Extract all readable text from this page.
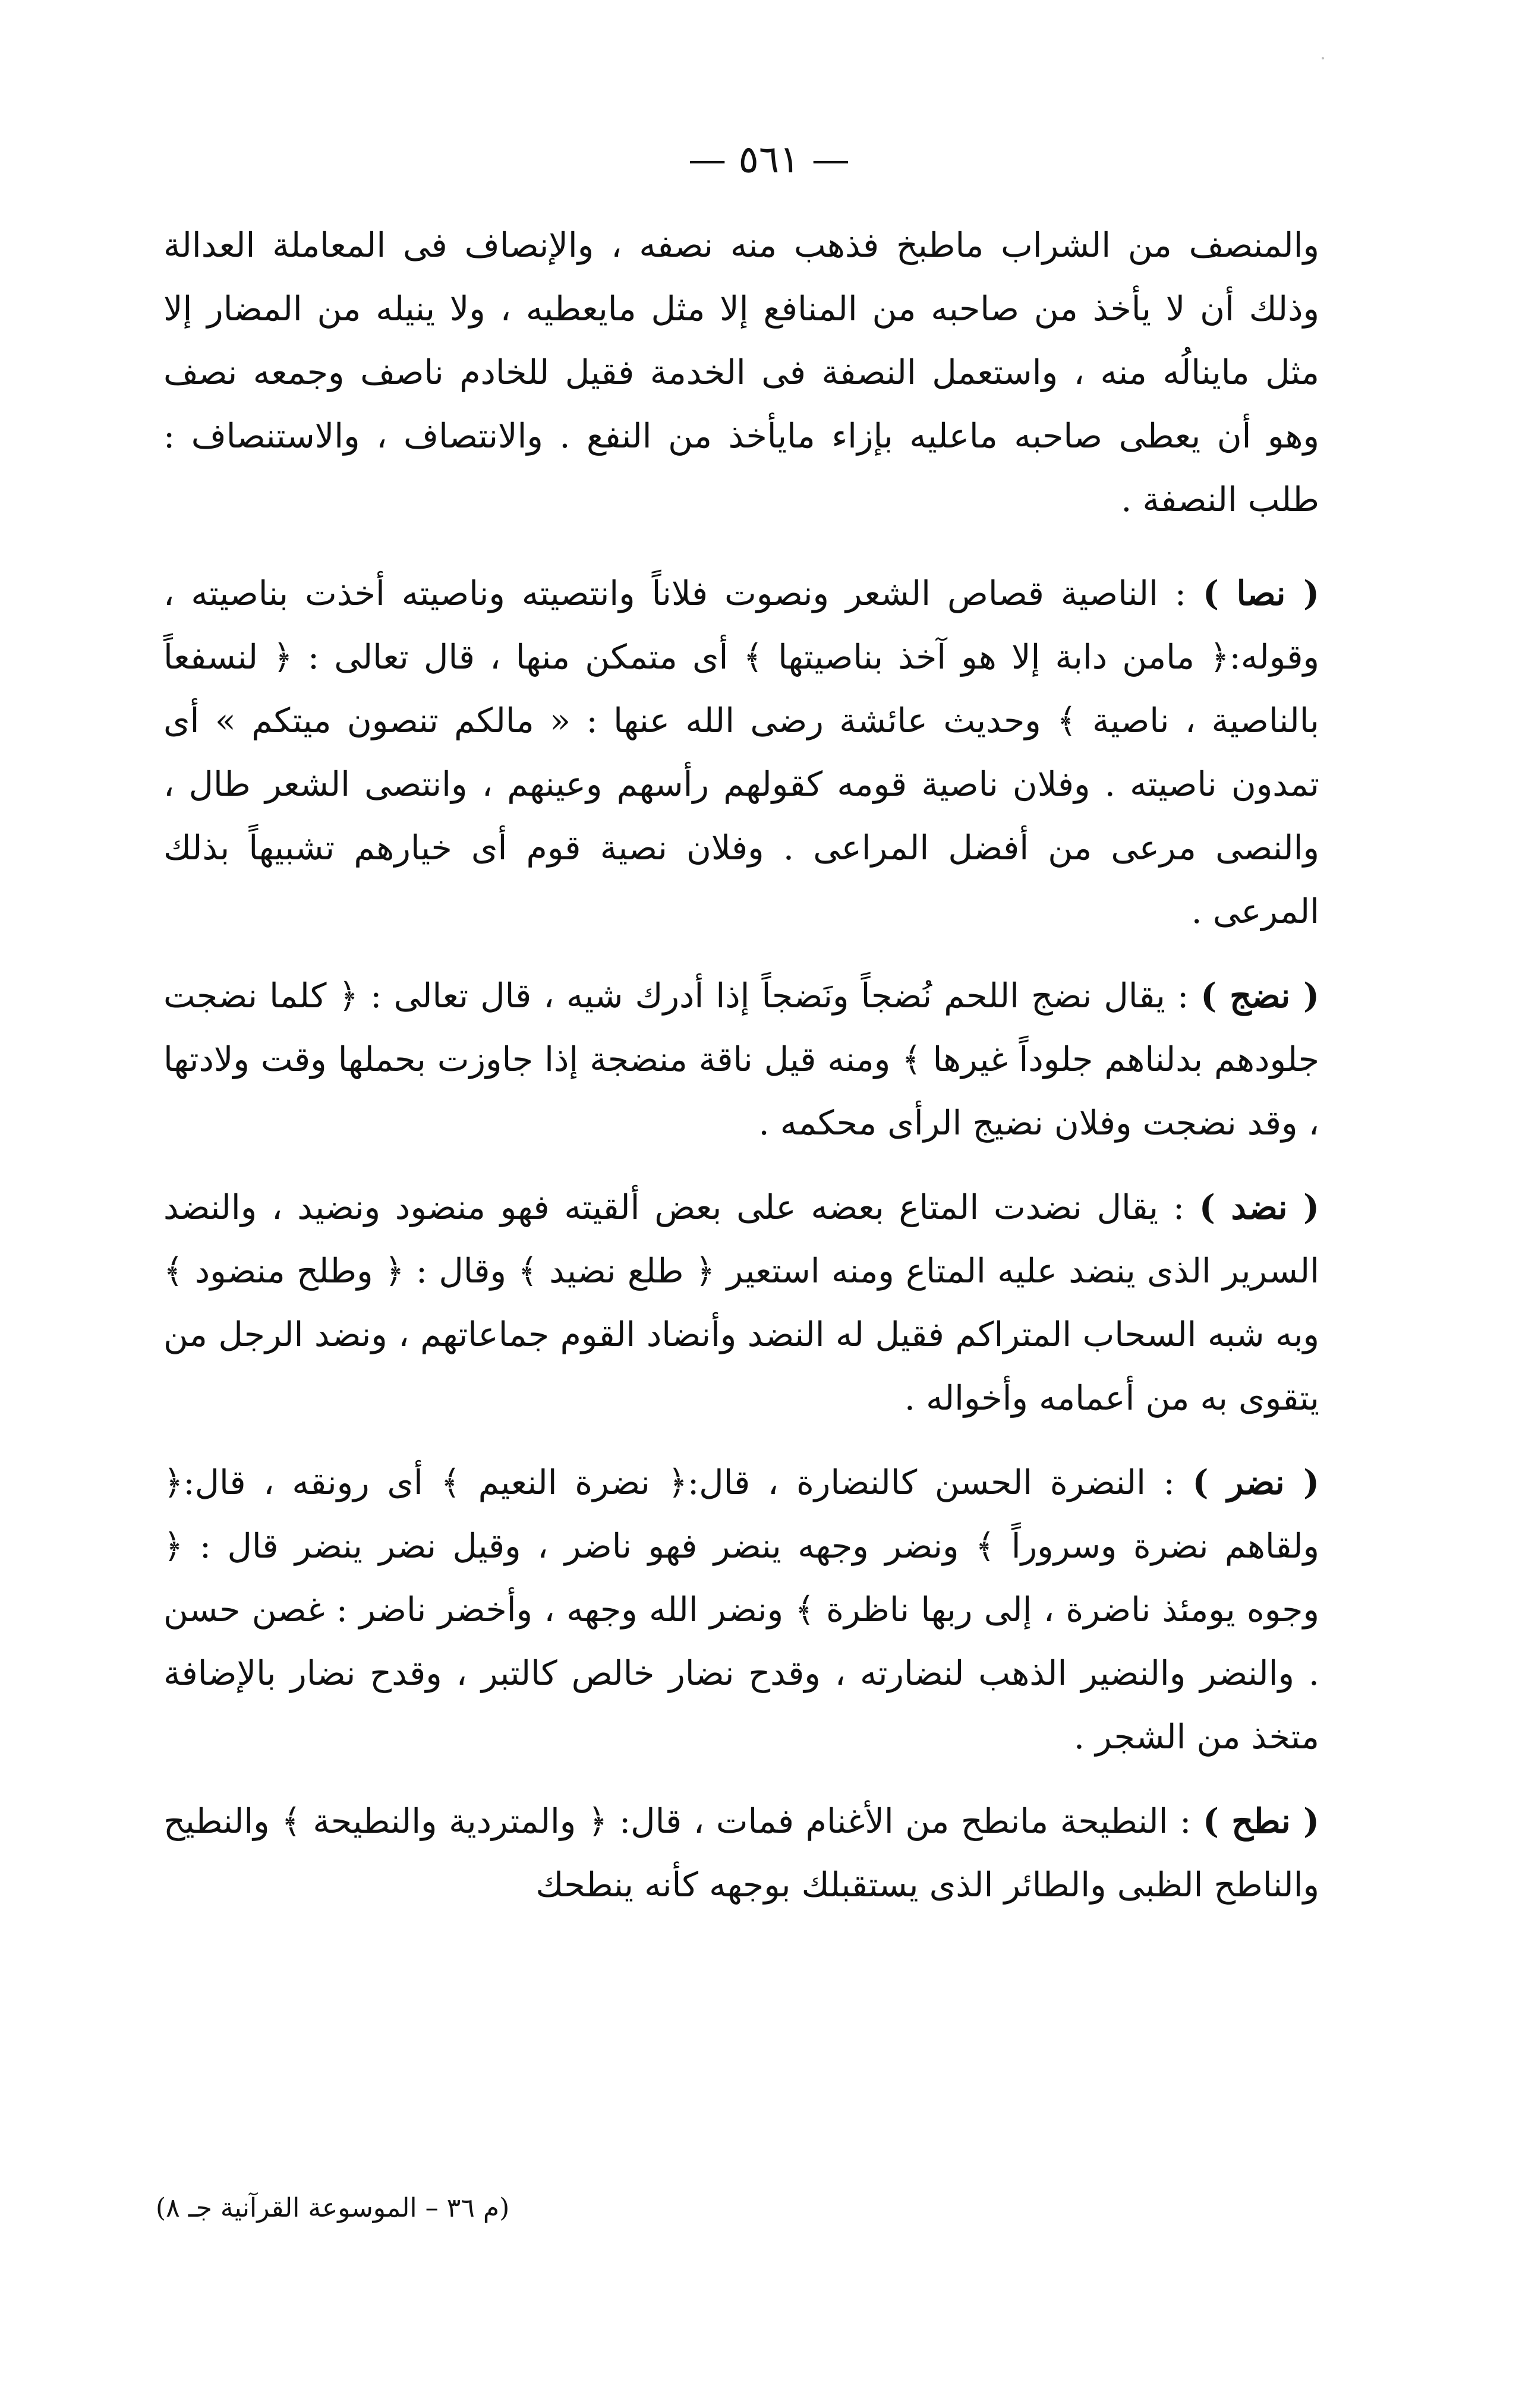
— ٥٦١ —

والمنصف من الشراب ماطبخ فذهب منه نصفه ، والإنصاف فى المعاملة العدالة وذلك أن لا يأخذ من صاحبه من المنافع إلا مثل مايعطيه ، ولا ينيله من المضار إلا مثل ماينالُه منه ، واستعمل النصفة فى الخدمة فقيل للخادم ناصف وجمعه نصف وهو أن يعطى صاحبه ماعليه بإزاء مايأخذ من النفع . والانتصاف ، والاستنصاف : طلب النصفة .

( نصا ) : الناصية قصاص الشعر ونصوت فلاناً وانتصيته وناصيته أخذت بناصيته ، وقوله:﴿ مامن دابة إلا هو آخذ بناصيتها ﴾ أى متمكن منها ، قال تعالى : ﴿ لنسفعاً بالناصية ، ناصية ﴾ وحديث عائشة رضى الله عنها : « مالكم تنصون ميتكم » أى تمدون ناصيته . وفلان ناصية قومه كقولهم رأسهم وعينهم ، وانتصى الشعر طال ، والنصى مرعى من أفضل المراعى . وفلان نصية قوم أى خيارهم تشبيهاً بذلك المرعى .

( نضج ) : يقال نضج اللحم نُضجاً ونَضجاً إذا أدرك شيه ، قال تعالى : ﴿ كلما نضجت جلودهم بدلناهم جلوداً غيرها ﴾ ومنه قيل ناقة منضجة إذا جاوزت بحملها وقت ولادتها ، وقد نضجت وفلان نضيج الرأى محكمه .

( نضد ) : يقال نضدت المتاع بعضه على بعض ألقيته فهو منضود ونضيد ، والنضد السرير الذى ينضد عليه المتاع ومنه استعير ﴿ طلع نضيد ﴾ وقال : ﴿ وطلح منضود ﴾ وبه شبه السحاب المتراكم فقيل له النضد وأنضاد القوم جماعاتهم ، ونضد الرجل من يتقوى به من أعمامه وأخواله .

( نضر ) : النضرة الحسن كالنضارة ، قال:﴿ نضرة النعيم ﴾ أى رونقه ، قال:﴿ ولقاهم نضرة وسروراً ﴾ ونضر وجهه ينضر فهو ناضر ، وقيل نضر ينضر قال : ﴿ وجوه يومئذ ناضرة ، إلى ربها ناظرة ﴾ ونضر الله وجهه ، وأخضر ناضر : غصن حسن . والنضر والنضير الذهب لنضارته ، وقدح نضار خالص كالتبر ، وقدح نضار بالإضافة متخذ من الشجر .

( نطح ) : النطيحة مانطح من الأغنام فمات ، قال: ﴿ والمتردية والنطيحة ﴾ والنطيح والناطح الظبى والطائر الذى يستقبلك بوجهه كأنه ينطحك

(م ٣٦ – الموسوعة القرآنية جـ ٨)
